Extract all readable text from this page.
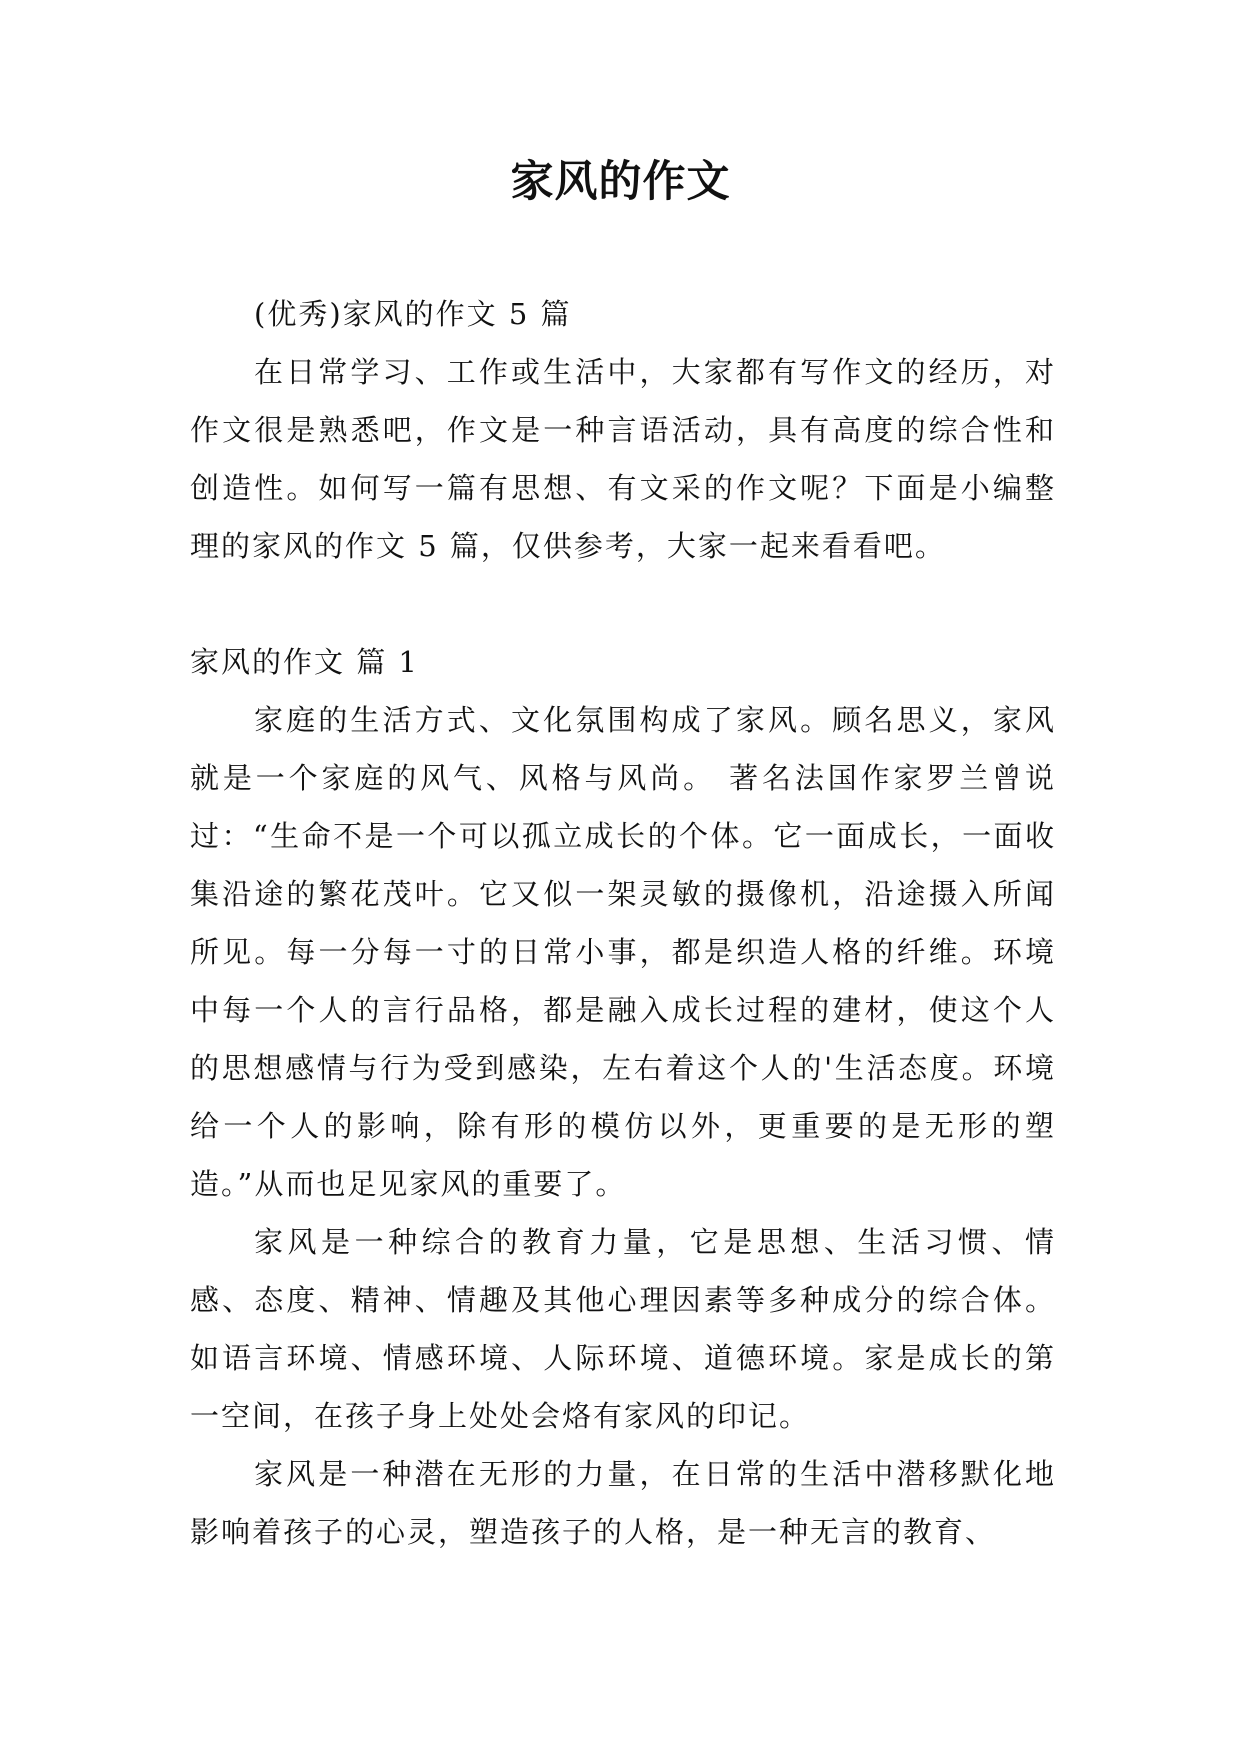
家风的作文

(优秀)家风的作文 5 篇

在日常学习、工作或生活中，大家都有写作文的经历，对作文很是熟悉吧，作文是一种言语活动，具有高度的综合性和创造性。如何写一篇有思想、有文采的作文呢？下面是小编整理的家风的作文 5 篇，仅供参考，大家一起来看看吧。

家风的作文 篇 1

家庭的生活方式、文化氛围构成了家风。顾名思义，家风就是一个家庭的风气、风格与风尚。 著名法国作家罗兰曾说过：“生命不是一个可以孤立成长的个体。它一面成长，一面收集沿途的繁花茂叶。它又似一架灵敏的摄像机，沿途摄入所闻所见。每一分每一寸的日常小事，都是织造人格的纤维。环境中每一个人的言行品格，都是融入成长过程的建材，使这个人的思想感情与行为受到感染，左右着这个人的'生活态度。环境给一个人的影响，除有形的模仿以外，更重要的是无形的塑造。”从而也足见家风的重要了。

家风是一种综合的教育力量，它是思想、生活习惯、情感、态度、精神、情趣及其他心理因素等多种成分的综合体。如语言环境、情感环境、人际环境、道德环境。家是成长的第一空间，在孩子身上处处会烙有家风的印记。

家风是一种潜在无形的力量，在日常的生活中潜移默化地影响着孩子的心灵，塑造孩子的人格，是一种无言的教育、
